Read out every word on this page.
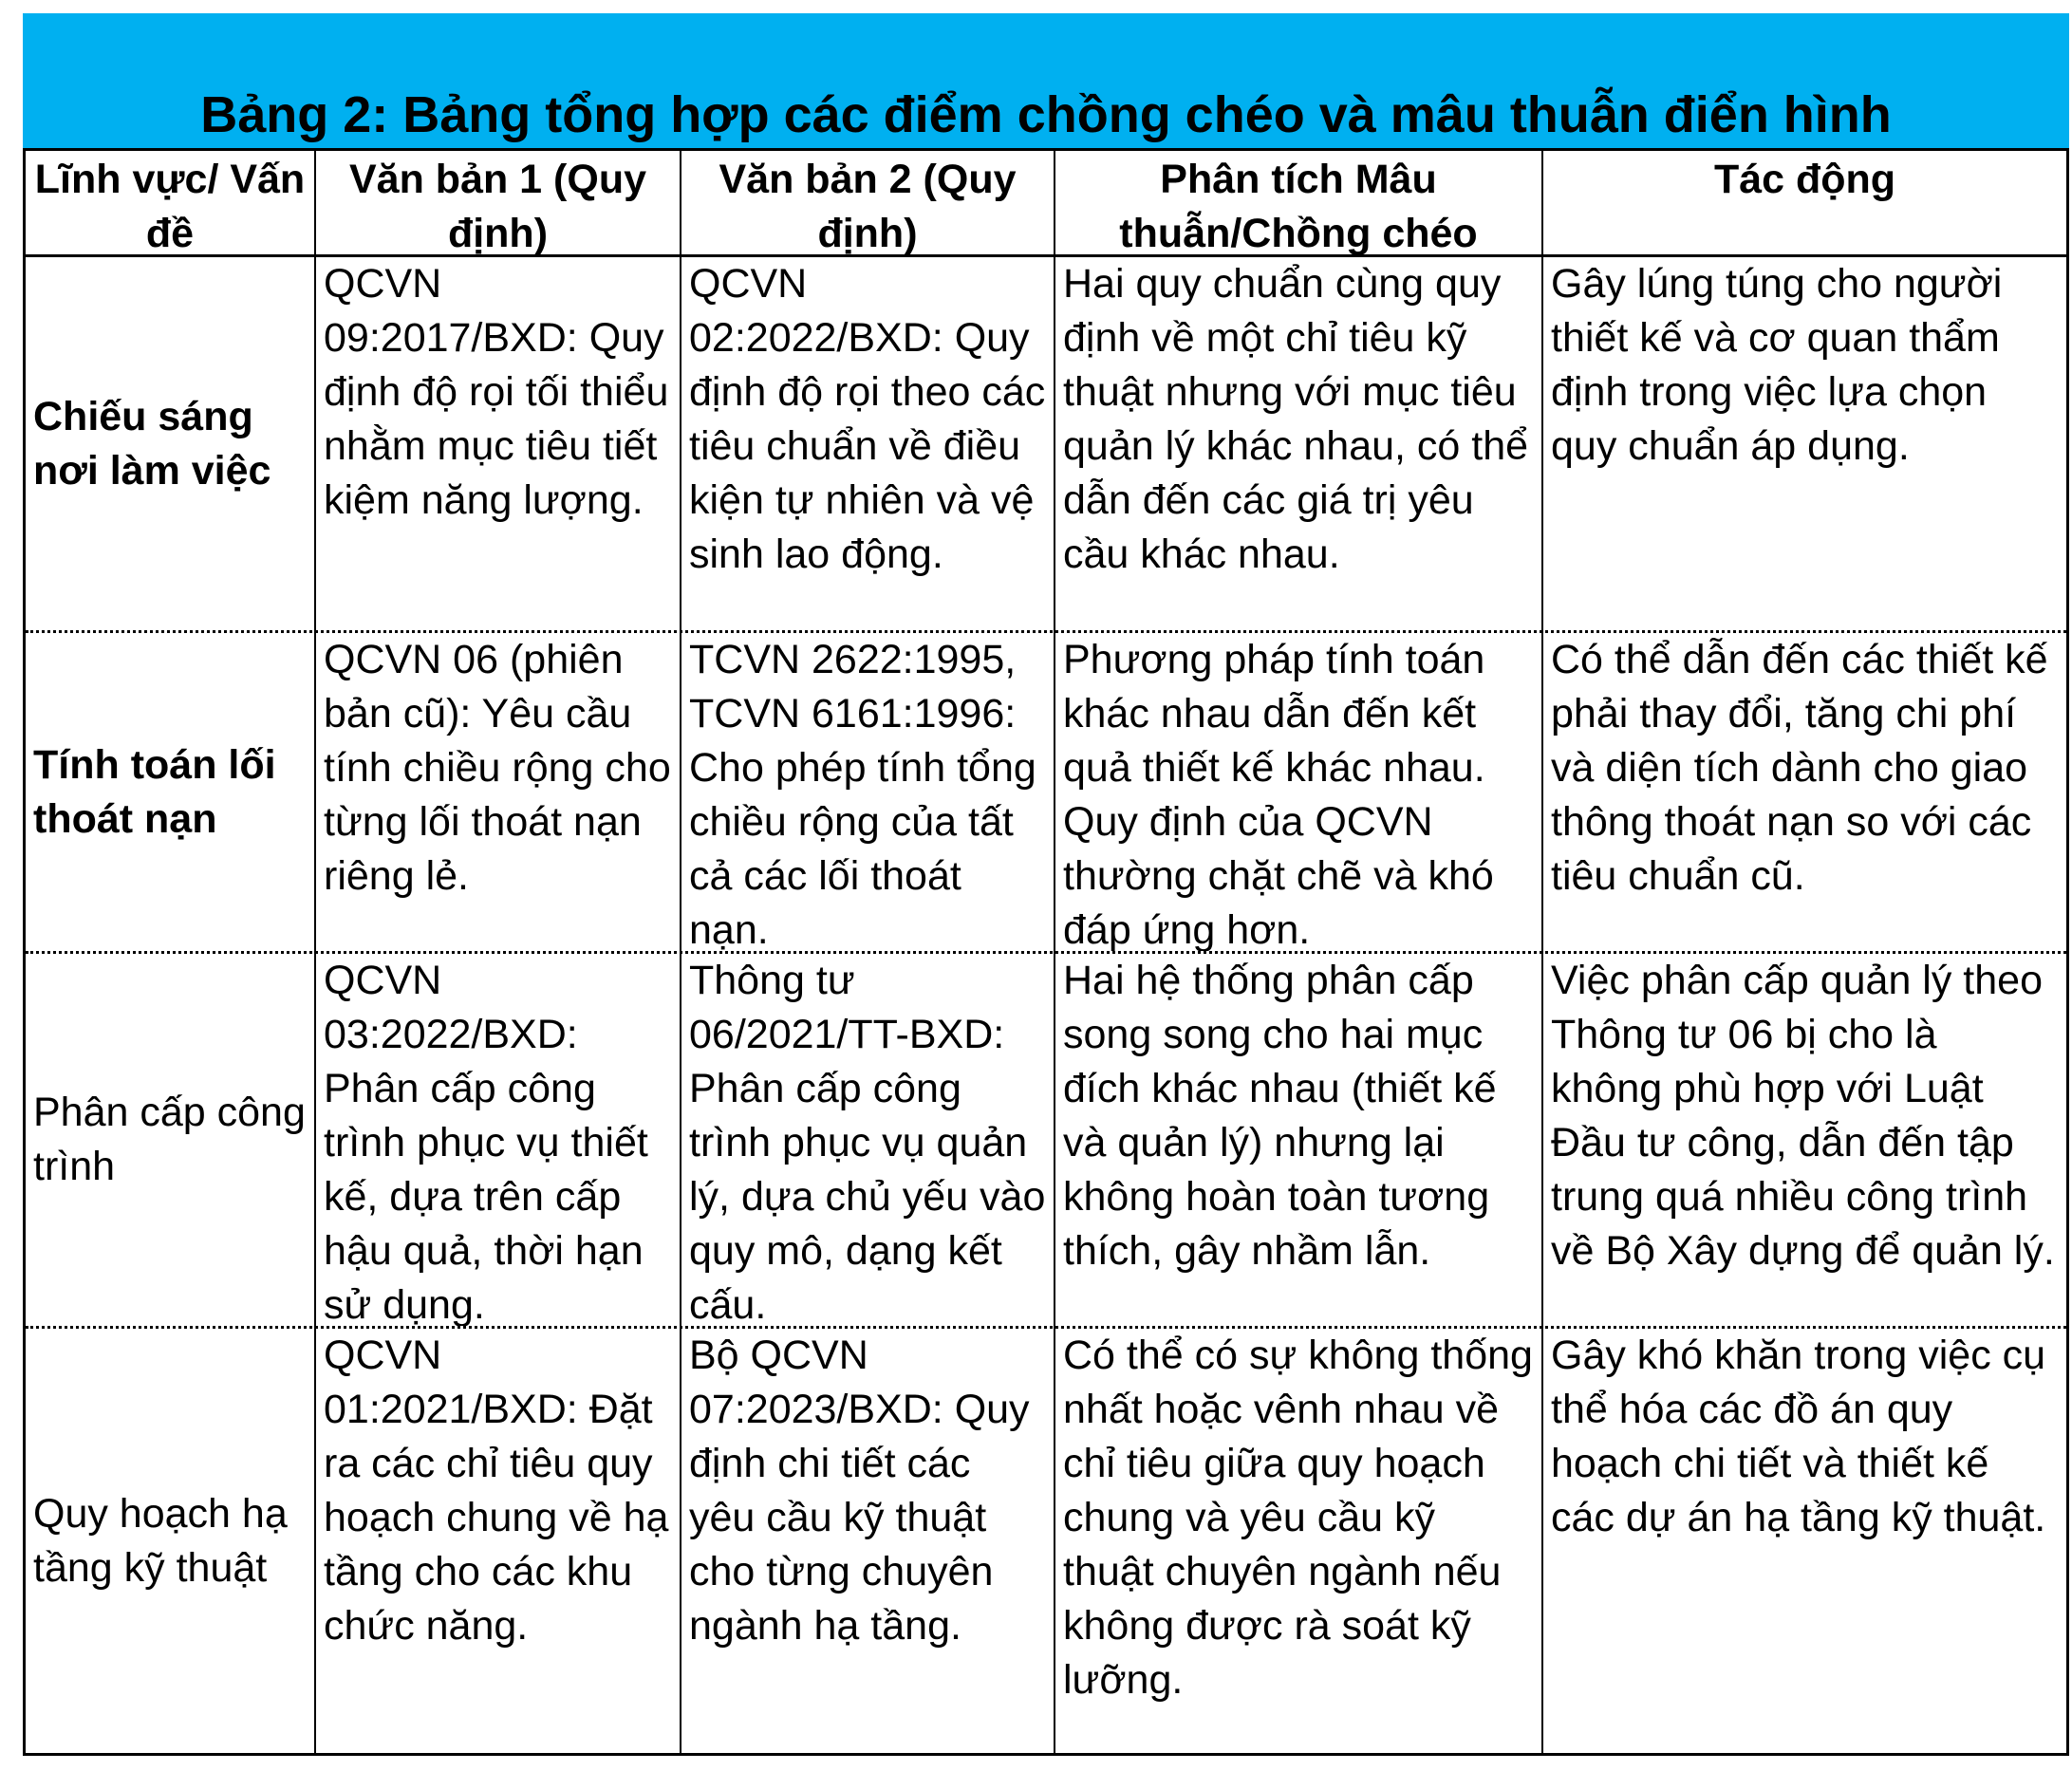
Bảng 2: Bảng tổng hợp các điểm chồng chéo và mâu thuẫn điển hình
Lĩnh vực/ Vấn đề
Văn bản 1 (Quy định)
Văn bản 2 (Quy định)
Phân tích Mâu thuẫn/Chồng chéo
Tác động
Chiếu sáng nơi làm việc
QCVN 09:2017/BXD: Quy định độ rọi tối thiểu nhằm mục tiêu tiết kiệm năng lượng.
QCVN 02:2022/BXD: Quy định độ rọi theo các tiêu chuẩn về điều kiện tự nhiên và vệ sinh lao động.
Hai quy chuẩn cùng quy định về một chỉ tiêu kỹ thuật nhưng với mục tiêu quản lý khác nhau, có thể dẫn đến các giá trị yêu cầu khác nhau.
Gây lúng túng cho người thiết kế và cơ quan thẩm định trong việc lựa chọn quy chuẩn áp dụng.
Tính toán lối thoát nạn
QCVN 06 (phiên bản cũ): Yêu cầu tính chiều rộng cho từng lối thoát nạn riêng lẻ.
TCVN 2622:1995, TCVN 6161:1996: Cho phép tính tổng chiều rộng của tất cả các lối thoát nạn.
Phương pháp tính toán khác nhau dẫn đến kết quả thiết kế khác nhau. Quy định của QCVN thường chặt chẽ và khó đáp ứng hơn.
Có thể dẫn đến các thiết kế phải thay đổi, tăng chi phí và diện tích dành cho giao thông thoát nạn so với các tiêu chuẩn cũ.
Phân cấp công trình
QCVN 03:2022/BXD: Phân cấp công trình phục vụ thiết kế, dựa trên cấp hậu quả, thời hạn sử dụng.
Thông tư 06/2021/TT-BXD: Phân cấp công trình phục vụ quản lý, dựa chủ yếu vào quy mô, dạng kết cấu.
Hai hệ thống phân cấp song song cho hai mục đích khác nhau (thiết kế và quản lý) nhưng lại không hoàn toàn tương thích, gây nhầm lẫn.
Việc phân cấp quản lý theo Thông tư 06 bị cho là không phù hợp với Luật Đầu tư công, dẫn đến tập trung quá nhiều công trình về Bộ Xây dựng để quản lý.
Quy hoạch hạ tầng kỹ thuật
QCVN 01:2021/BXD: Đặt ra các chỉ tiêu quy hoạch chung về hạ tầng cho các khu chức năng.
Bộ QCVN 07:2023/BXD: Quy định chi tiết các yêu cầu kỹ thuật cho từng chuyên ngành hạ tầng.
Có thể có sự không thống nhất hoặc vênh nhau về chỉ tiêu giữa quy hoạch chung và yêu cầu kỹ thuật chuyên ngành nếu không được rà soát kỹ lưỡng.
Gây khó khăn trong việc cụ thể hóa các đồ án quy hoạch chi tiết và thiết kế các dự án hạ tầng kỹ thuật.
